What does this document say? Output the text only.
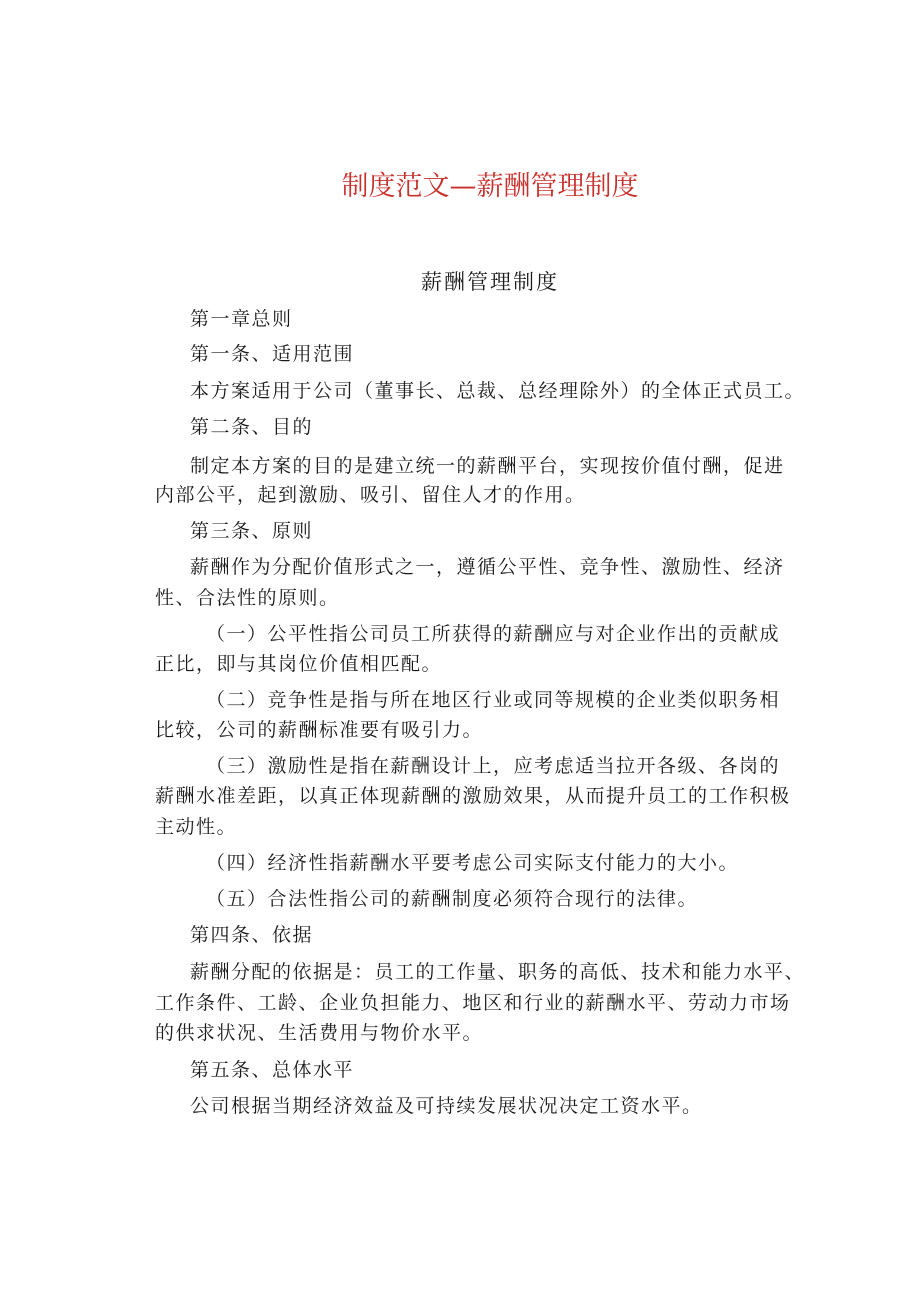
制度范文—薪酬管理制度
薪酬管理制度
第一章总则
第一条、适用范围
本方案适用于公司（董事长、总裁、总经理除外）的全体正式员工。
第二条、目的
制定本方案的目的是建立统一的薪酬平台，实现按价值付酬，促进
内部公平，起到激励、吸引、留住人才的作用。
第三条、原则
薪酬作为分配价值形式之一，遵循公平性、竞争性、激励性、经济
性、合法性的原则。
（一）公平性指公司员工所获得的薪酬应与对企业作出的贡献成
正比，即与其岗位价值相匹配。
（二）竞争性是指与所在地区行业或同等规模的企业类似职务相
比较，公司的薪酬标准要有吸引力。
（三）激励性是指在薪酬设计上，应考虑适当拉开各级、各岗的
薪酬水准差距，以真正体现薪酬的激励效果，从而提升员工的工作积极
主动性。
（四）经济性指薪酬水平要考虑公司实际支付能力的大小。
（五）合法性指公司的薪酬制度必须符合现行的法律。
第四条、依据
薪酬分配的依据是：员工的工作量、职务的高低、技术和能力水平、
工作条件、工龄、企业负担能力、地区和行业的薪酬水平、劳动力市场
的供求状况、生活费用与物价水平。
第五条、总体水平
公司根据当期经济效益及可持续发展状况决定工资水平。
